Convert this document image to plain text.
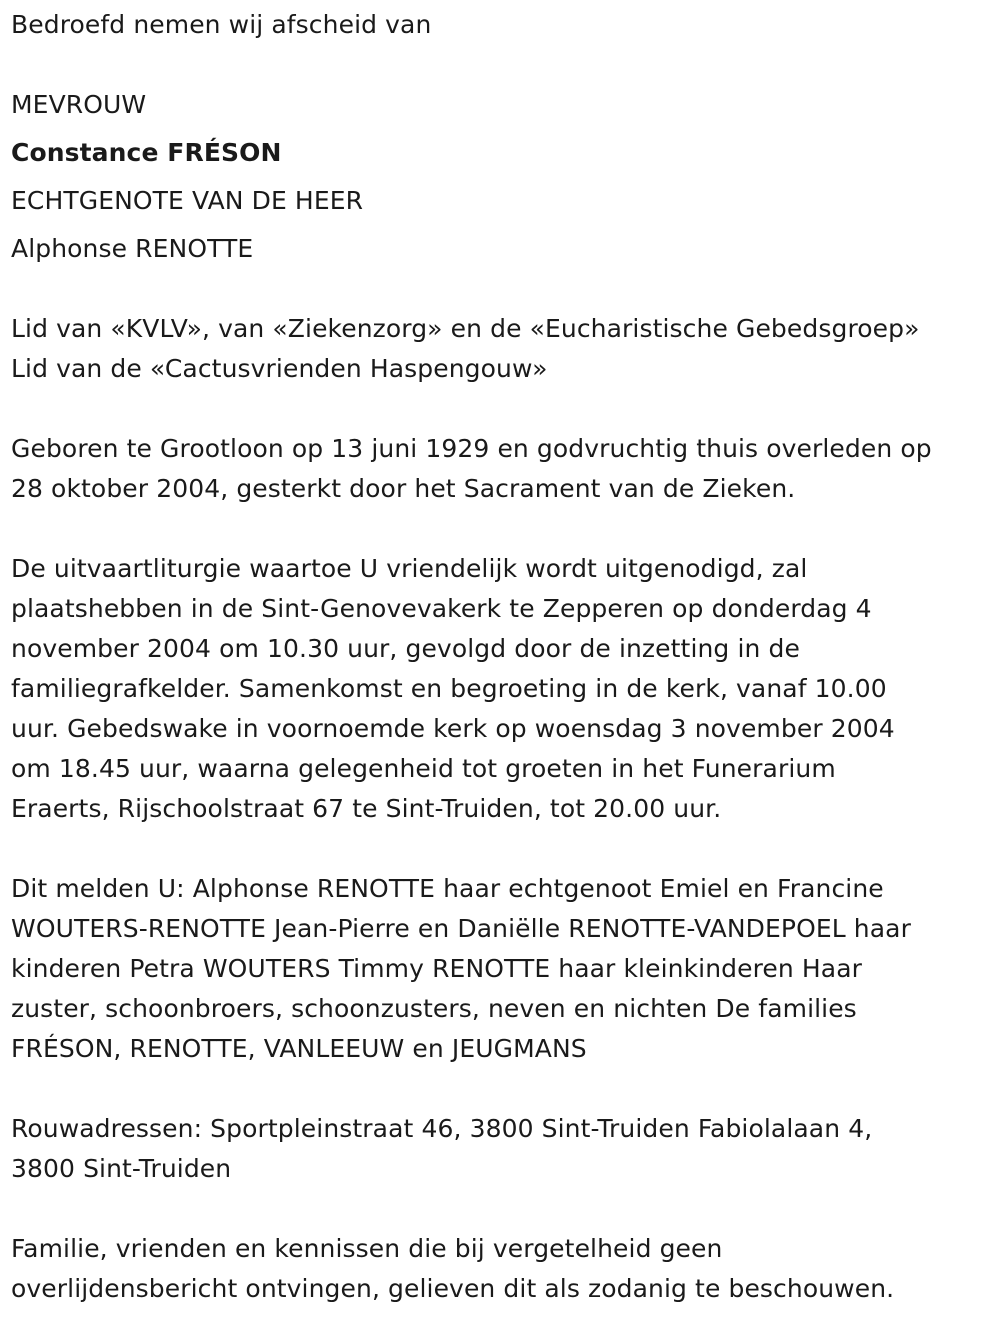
Bedroefd nemen wij afscheid van
MEVROUW
Constance FRÉSON
ECHTGENOTE VAN DE HEER
Alphonse RENOTTE
Lid van «KVLV», van «Ziekenzorg» en de «Eucharistische Gebedsgroep»
Lid van de «Cactusvrienden Haspengouw»
Geboren te Grootloon op 13 juni 1929 en godvruchtig thuis overleden op
28 oktober 2004, gesterkt door het Sacrament van de Zieken.
De uitvaartliturgie waartoe U vriendelijk wordt uitgenodigd, zal
plaatshebben in de Sint-Genovevakerk te Zepperen op donderdag 4
november 2004 om 10.30 uur, gevolgd door de inzetting in de
familiegrafkelder. Samenkomst en begroeting in de kerk, vanaf 10.00
uur. Gebedswake in voornoemde kerk op woensdag 3 november 2004
om 18.45 uur, waarna gelegenheid tot groeten in het Funerarium
Eraerts, Rijschoolstraat 67 te Sint-Truiden, tot 20.00 uur.
Dit melden U: Alphonse RENOTTE haar echtgenoot Emiel en Francine
WOUTERS-RENOTTE Jean-Pierre en Daniëlle RENOTTE-VANDEPOEL haar
kinderen Petra WOUTERS Timmy RENOTTE haar kleinkinderen Haar
zuster, schoonbroers, schoonzusters, neven en nichten De families
FRÉSON, RENOTTE, VANLEEUW en JEUGMANS
Rouwadressen: Sportpleinstraat 46, 3800 Sint-Truiden Fabiolalaan 4,
3800 Sint-Truiden
Familie, vrienden en kennissen die bij vergetelheid geen
overlijdensbericht ontvingen, gelieven dit als zodanig te beschouwen.
